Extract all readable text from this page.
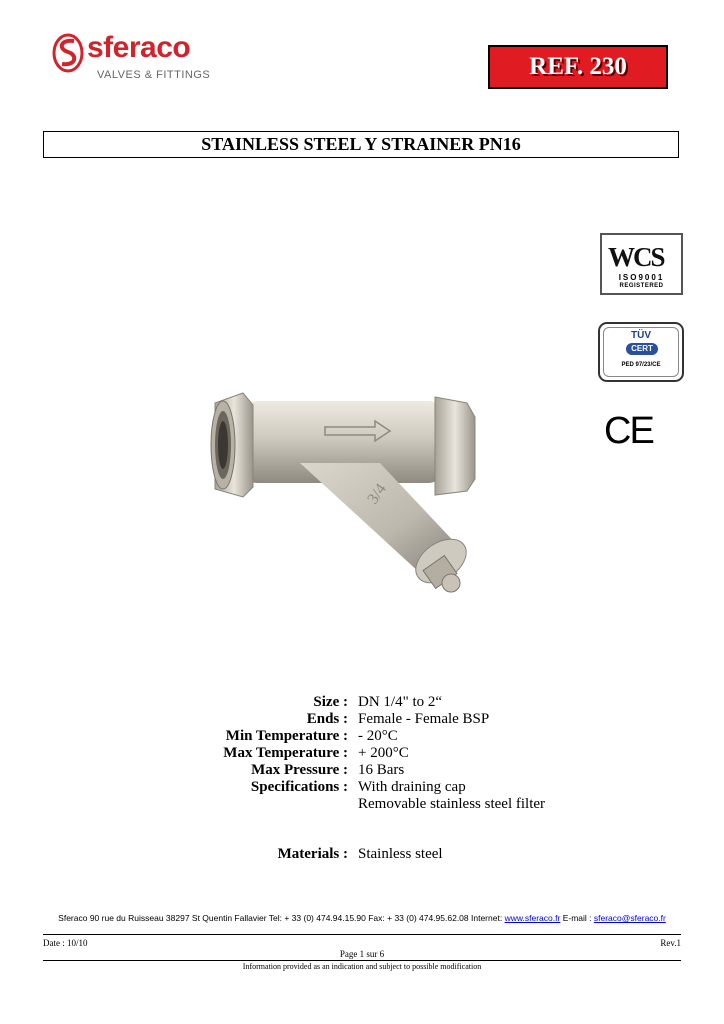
sferaco
VALVES & FITTINGS	REF. 230
STAINLESS STEEL Y STRAINER PN16
WCS
ISO9001
REGISTERED
TÜV
CERT
PED 97/23/CE
CE
3/4
Size : DN 1/4" to 2“
Ends : Female - Female BSP
Min Temperature : - 20°C
Max Temperature : + 200°C
Max Pressure : 16 Bars
Specifications : With draining cap
Removable stainless steel filter
Materials : Stainless steel
Sferaco 90 rue du Ruisseau 38297 St Quentin Fallavier Tel: + 33 (0) 474.94.15.90 Fax: + 33 (0) 474.95.62.08 Internet: www.sferaco.fr E-mail : sferaco@sferaco.fr
Date : 10/10	Rev.1
Page 1 sur 6
Information provided as an indication and subject to possible modification
